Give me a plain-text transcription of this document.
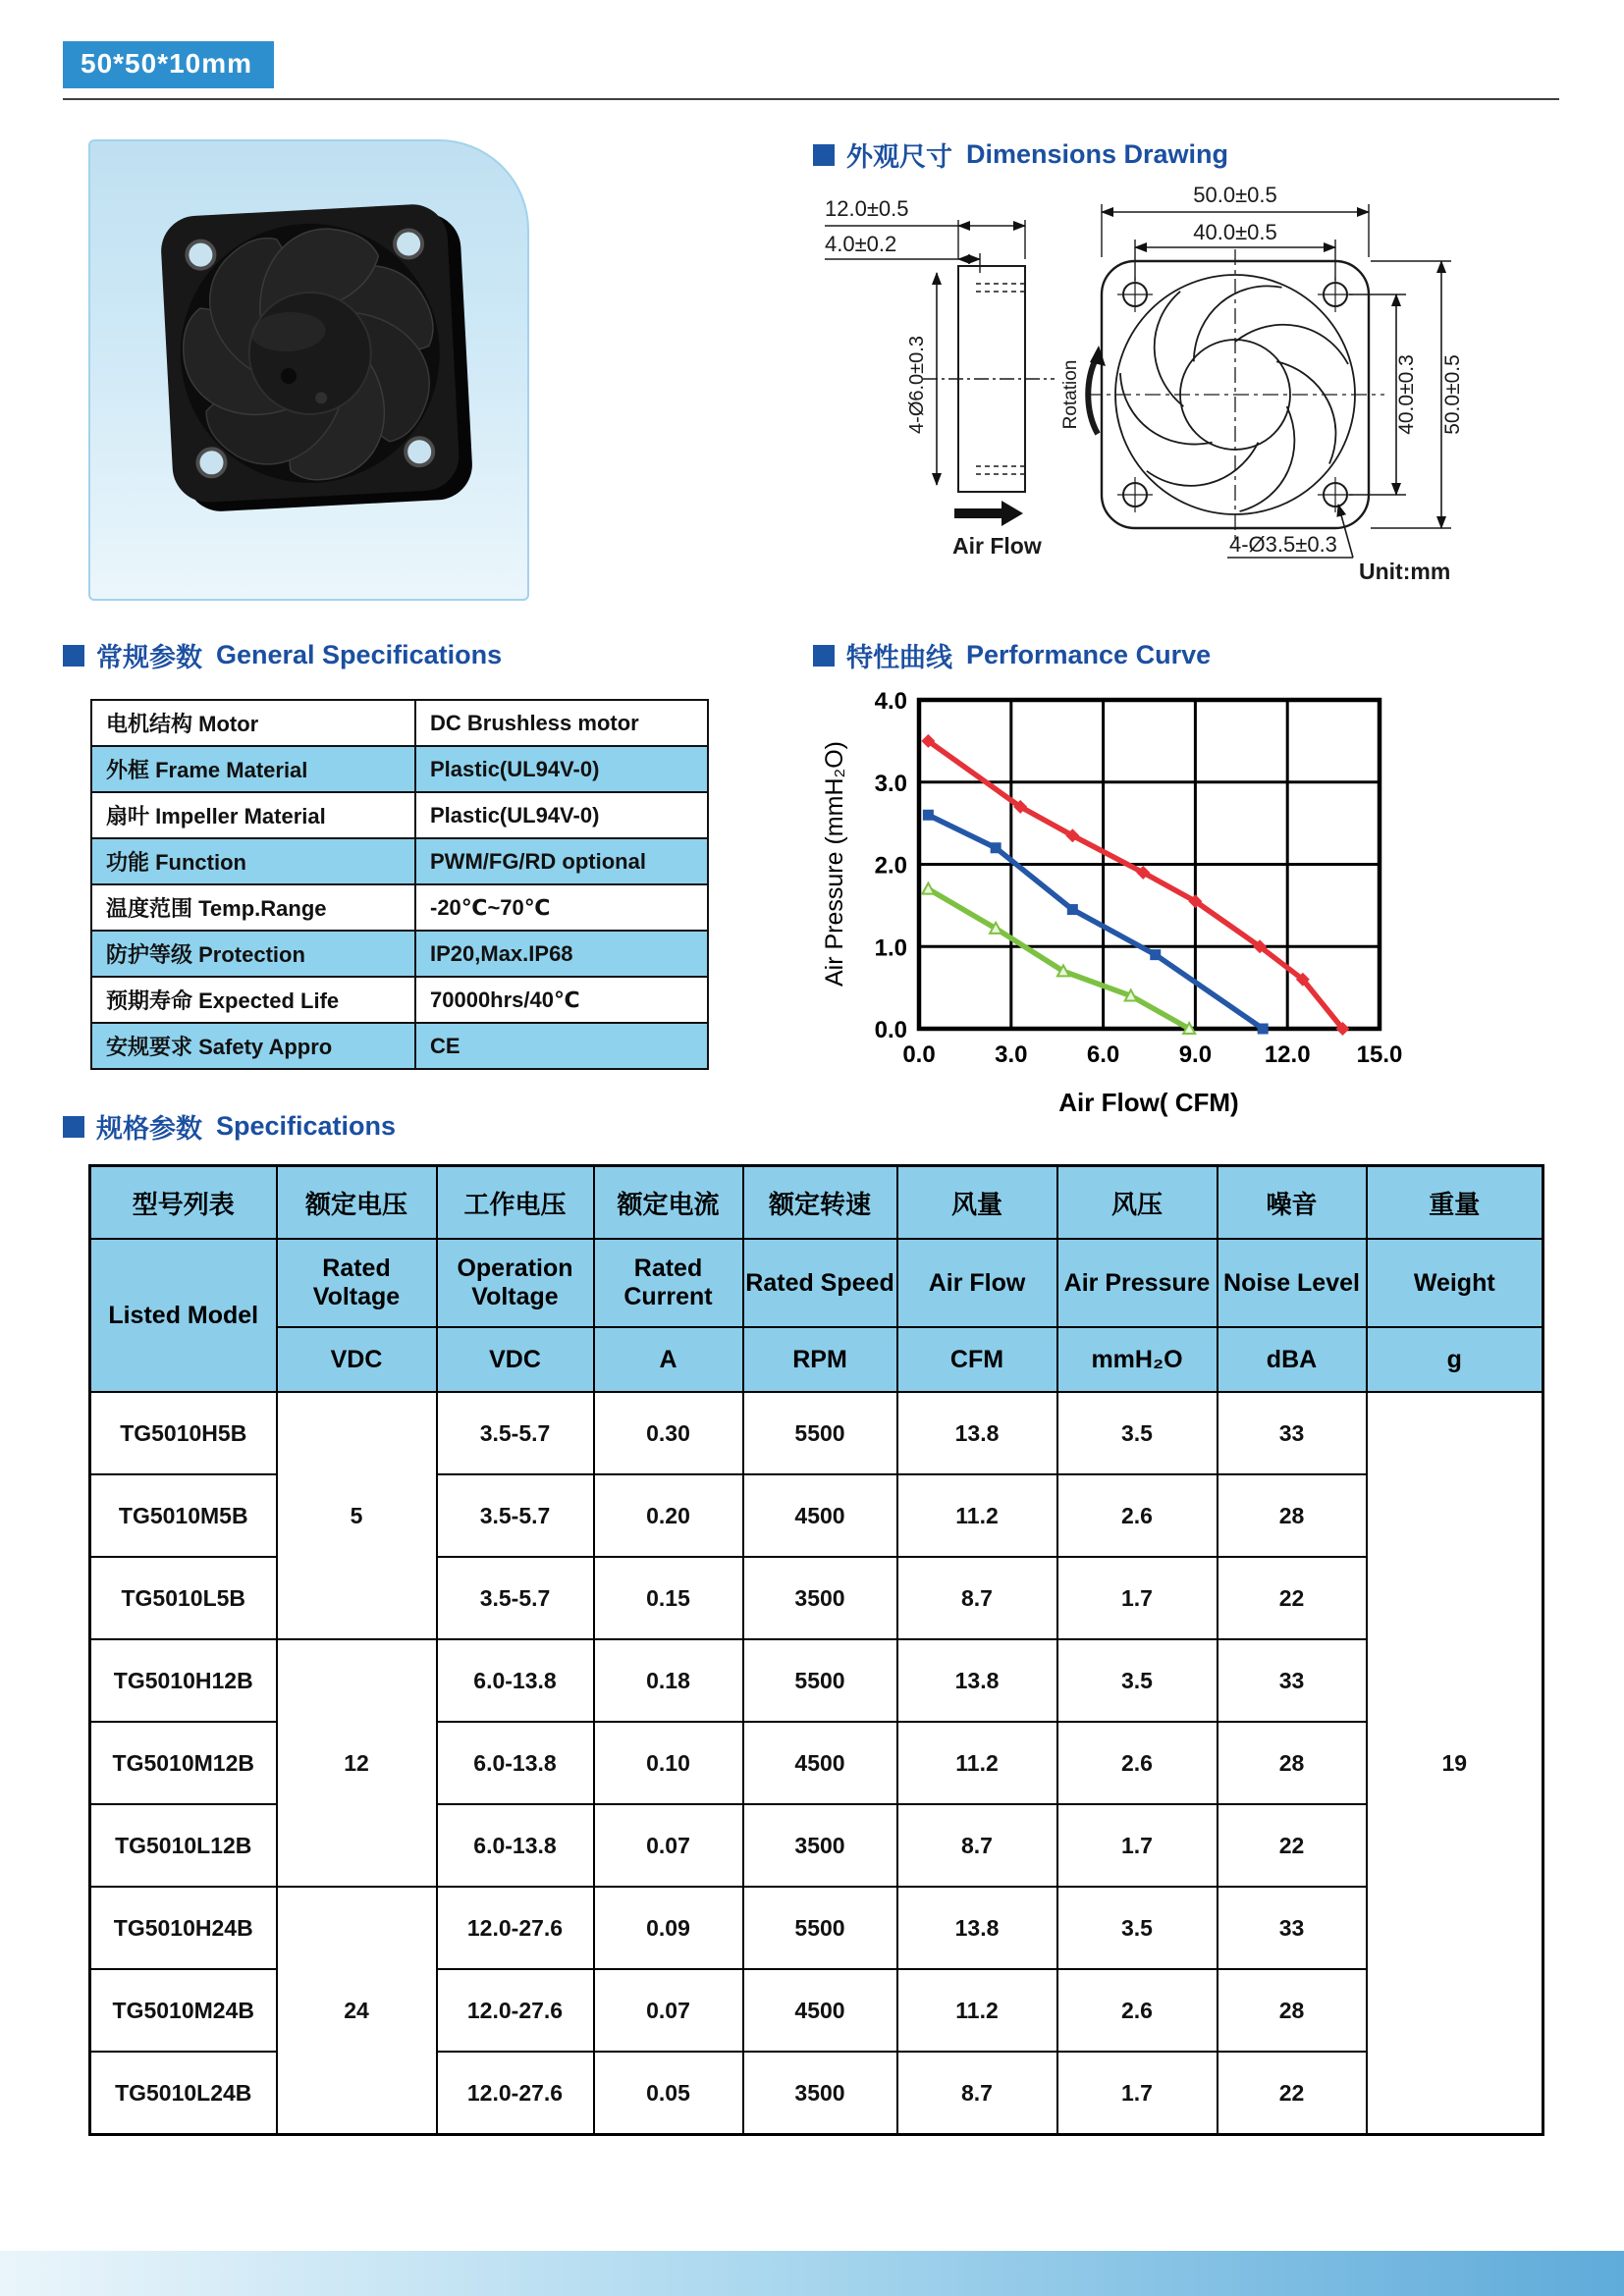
50*50*10mm
外观尺寸 Dimensions Drawing
12.0±0.5
4.0±0.2
4-Ø6.0±0.3
Air Flow
50.0±0.5
40.0±0.5
40.0±0.3 50.0±0.5
Rotation
4-Ø3.5±0.3
Unit:mm
常规参数 General Specifications
电机结构 Motor	DC Brushless motor
外框 Frame Material	Plastic(UL94V-0)
扇叶 Impeller Material	Plastic(UL94V-0)
功能 Function	PWM/FG/RD optional
温度范围 Temp.Range	-20℃~70℃
防护等级 Protection	IP20,Max.IP68
预期寿命 Expected Life	70000hrs/40℃
安规要求 Safety Appro	CE
特性曲线 Performance Curve
0.0	3.0	6.0	9.0 12.0 15.0
4.0
3.0
2.0
1.0
0.0
Air Flow( CFM)
Air Pressure (mmH₂O)
规格参数 Specifications
型号列表	额定电压	工作电压	额定电流	额定转速	风量	风压	噪音	重量
Listed Model	Rated Voltage	Operation Voltage	Rated Current	Rated Speed	Air Flow	Air Pressure	Noise Level	Weight
	VDC	VDC	A	RPM	CFM	mmH₂O	dBA	g
TG5010H5B	5	3.5-5.7	0.30	5500	13.8	3.5	33	19
TG5010M5B		3.5-5.7	0.20	4500	11.2	2.6	28	
TG5010L5B		3.5-5.7	0.15	3500	8.7	1.7	22	
TG5010H12B	12	6.0-13.8	0.18	5500	13.8	3.5	33	
TG5010M12B		6.0-13.8	0.10	4500	11.2	2.6	28	
TG5010L12B		6.0-13.8	0.07	3500	8.7	1.7	22	
TG5010H24B	24	12.0-27.6	0.09	5500	13.8	3.5	33	
TG5010M24B		12.0-27.6	0.07	4500	11.2	2.6	28	
TG5010L24B		12.0-27.6	0.05	3500	8.7	1.7	22	
